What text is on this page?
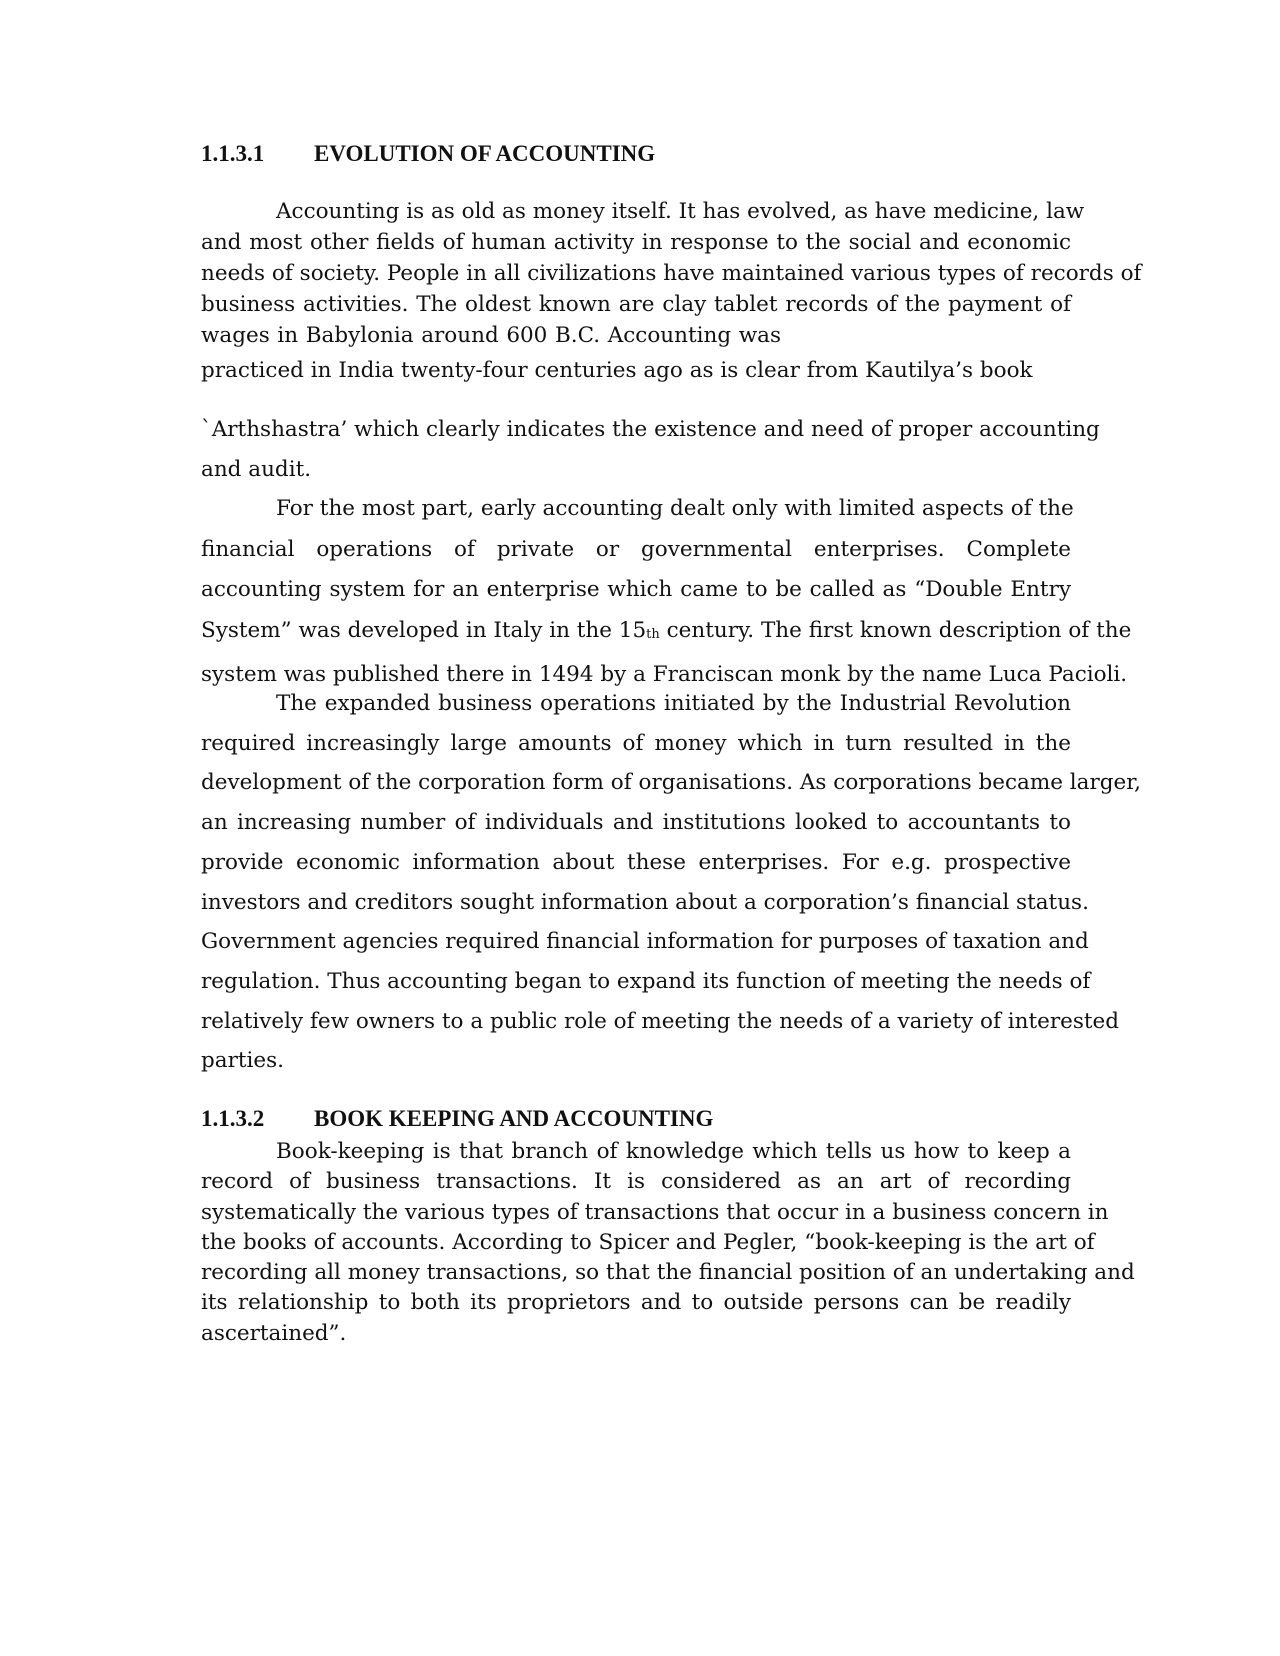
1.1.3.1 EVOLUTION OF ACCOUNTING
Accounting is as old as money itself. It has evolved, as have medicine, law
and most other fields of human activity in response to the social and economic
needs of society. People in all civilizations have maintained various types of records of
business activities. The oldest known are clay tablet records of the payment of
wages in Babylonia around 600 B.C. Accounting was
practiced in India twenty-four centuries ago as is clear from Kautilya’s book
`Arthshastra’ which clearly indicates the existence and need of proper accounting
and audit.
For the most part, early accounting dealt only with limited aspects of the
financial operations of private or governmental enterprises. Complete
accounting system for an enterprise which came to be called as “Double Entry
System” was developed in Italy in the 15th century. The first known description of the
system was published there in 1494 by a Franciscan monk by the name Luca Pacioli.
The expanded business operations initiated by the Industrial Revolution
required increasingly large amounts of money which in turn resulted in the
development of the corporation form of organisations. As corporations became larger,
an increasing number of individuals and institutions looked to accountants to
provide economic information about these enterprises. For e.g. prospective
investors and creditors sought information about a corporation’s financial status.
Government agencies required financial information for purposes of taxation and
regulation. Thus accounting began to expand its function of meeting the needs of
relatively few owners to a public role of meeting the needs of a variety of interested
parties.
1.1.3.2 BOOK KEEPING AND ACCOUNTING
Book-keeping is that branch of knowledge which tells us how to keep a
record of business transactions. It is considered as an art of recording
systematically the various types of transactions that occur in a business concern in
the books of accounts. According to Spicer and Pegler, “book-keeping is the art of
recording all money transactions, so that the financial position of an undertaking and
its relationship to both its proprietors and to outside persons can be readily
ascertained”.
